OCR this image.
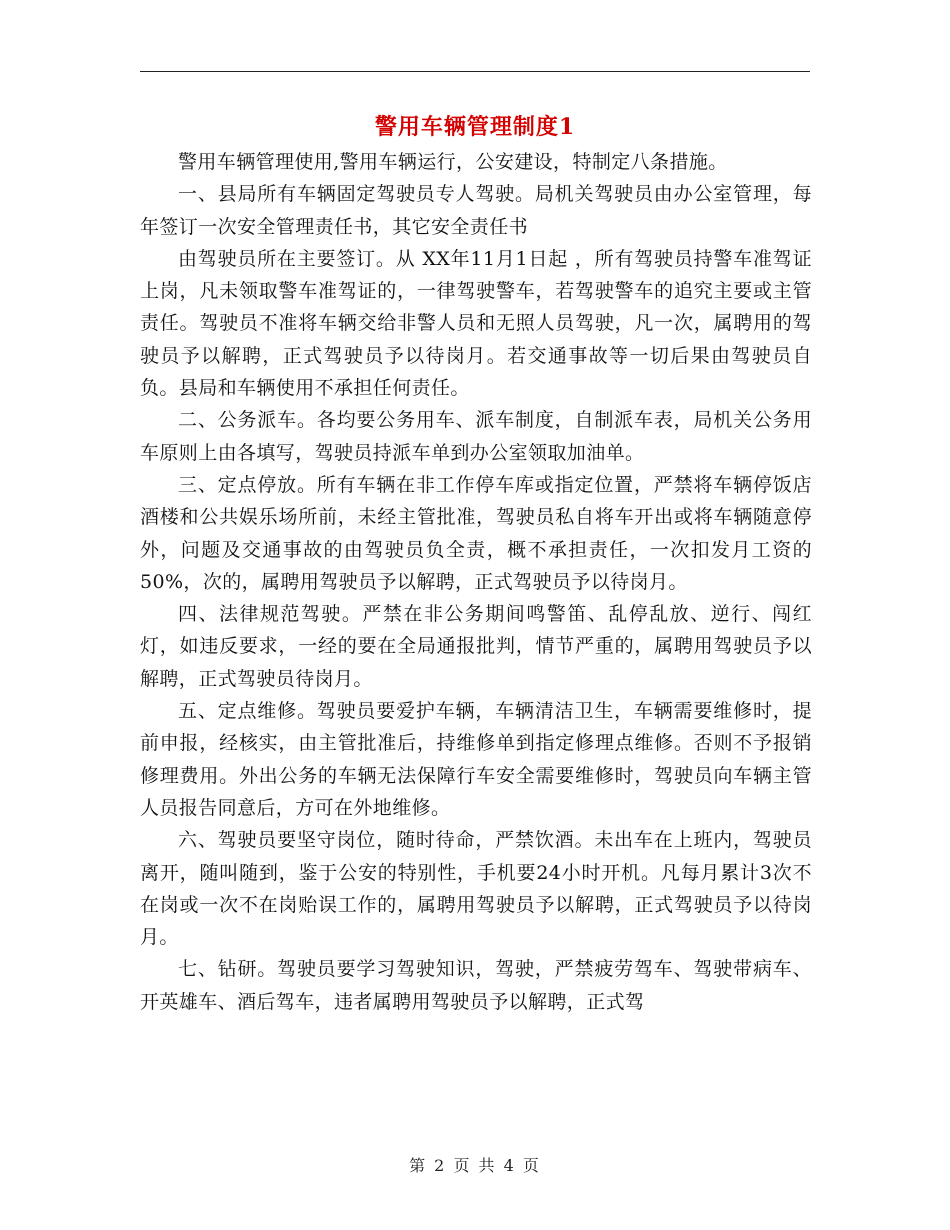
警用车辆管理制度1

警用车辆管理使用,警用车辆运行，公安建设，特制定八条措施。

一、县局所有车辆固定驾驶员专人驾驶。局机关驾驶员由办公室管理，每年签订一次安全管理责任书，其它安全责任书

由驾驶员所在主要签订。从 XX年11月1日起 ，所有驾驶员持警车准驾证上岗，凡未领取警车准驾证的，一律驾驶警车，若驾驶警车的追究主要或主管责任。驾驶员不准将车辆交给非警人员和无照人员驾驶，凡一次，属聘用的驾驶员予以解聘，正式驾驶员予以待岗月。若交通事故等一切后果由驾驶员自负。县局和车辆使用不承担任何责任。

二、公务派车。各均要公务用车、派车制度，自制派车表，局机关公务用车原则上由各填写，驾驶员持派车单到办公室领取加油单。

三、定点停放。所有车辆在非工作停车库或指定位置，严禁将车辆停饭店酒楼和公共娱乐场所前，未经主管批准，驾驶员私自将车开出或将车辆随意停外，问题及交通事故的由驾驶员负全责，概不承担责任，一次扣发月工资的50%，次的，属聘用驾驶员予以解聘，正式驾驶员予以待岗月。

四、法律规范驾驶。严禁在非公务期间鸣警笛、乱停乱放、逆行、闯红灯，如违反要求，一经的要在全局通报批判，情节严重的，属聘用驾驶员予以解聘，正式驾驶员待岗月。

五、定点维修。驾驶员要爱护车辆，车辆清洁卫生，车辆需要维修时，提前申报，经核实，由主管批准后，持维修单到指定修理点维修。否则不予报销修理费用。外出公务的车辆无法保障行车安全需要维修时，驾驶员向车辆主管人员报告同意后，方可在外地维修。

六、驾驶员要坚守岗位，随时待命，严禁饮酒。未出车在上班内，驾驶员离开，随叫随到，鉴于公安的特别性，手机要24小时开机。凡每月累计3次不在岗或一次不在岗贻误工作的，属聘用驾驶员予以解聘，正式驾驶员予以待岗月。

七、钻研。驾驶员要学习驾驶知识，驾驶，严禁疲劳驾车、驾驶带病车、开英雄车、酒后驾车，违者属聘用驾驶员予以解聘，正式驾

第 2 页 共 4 页
